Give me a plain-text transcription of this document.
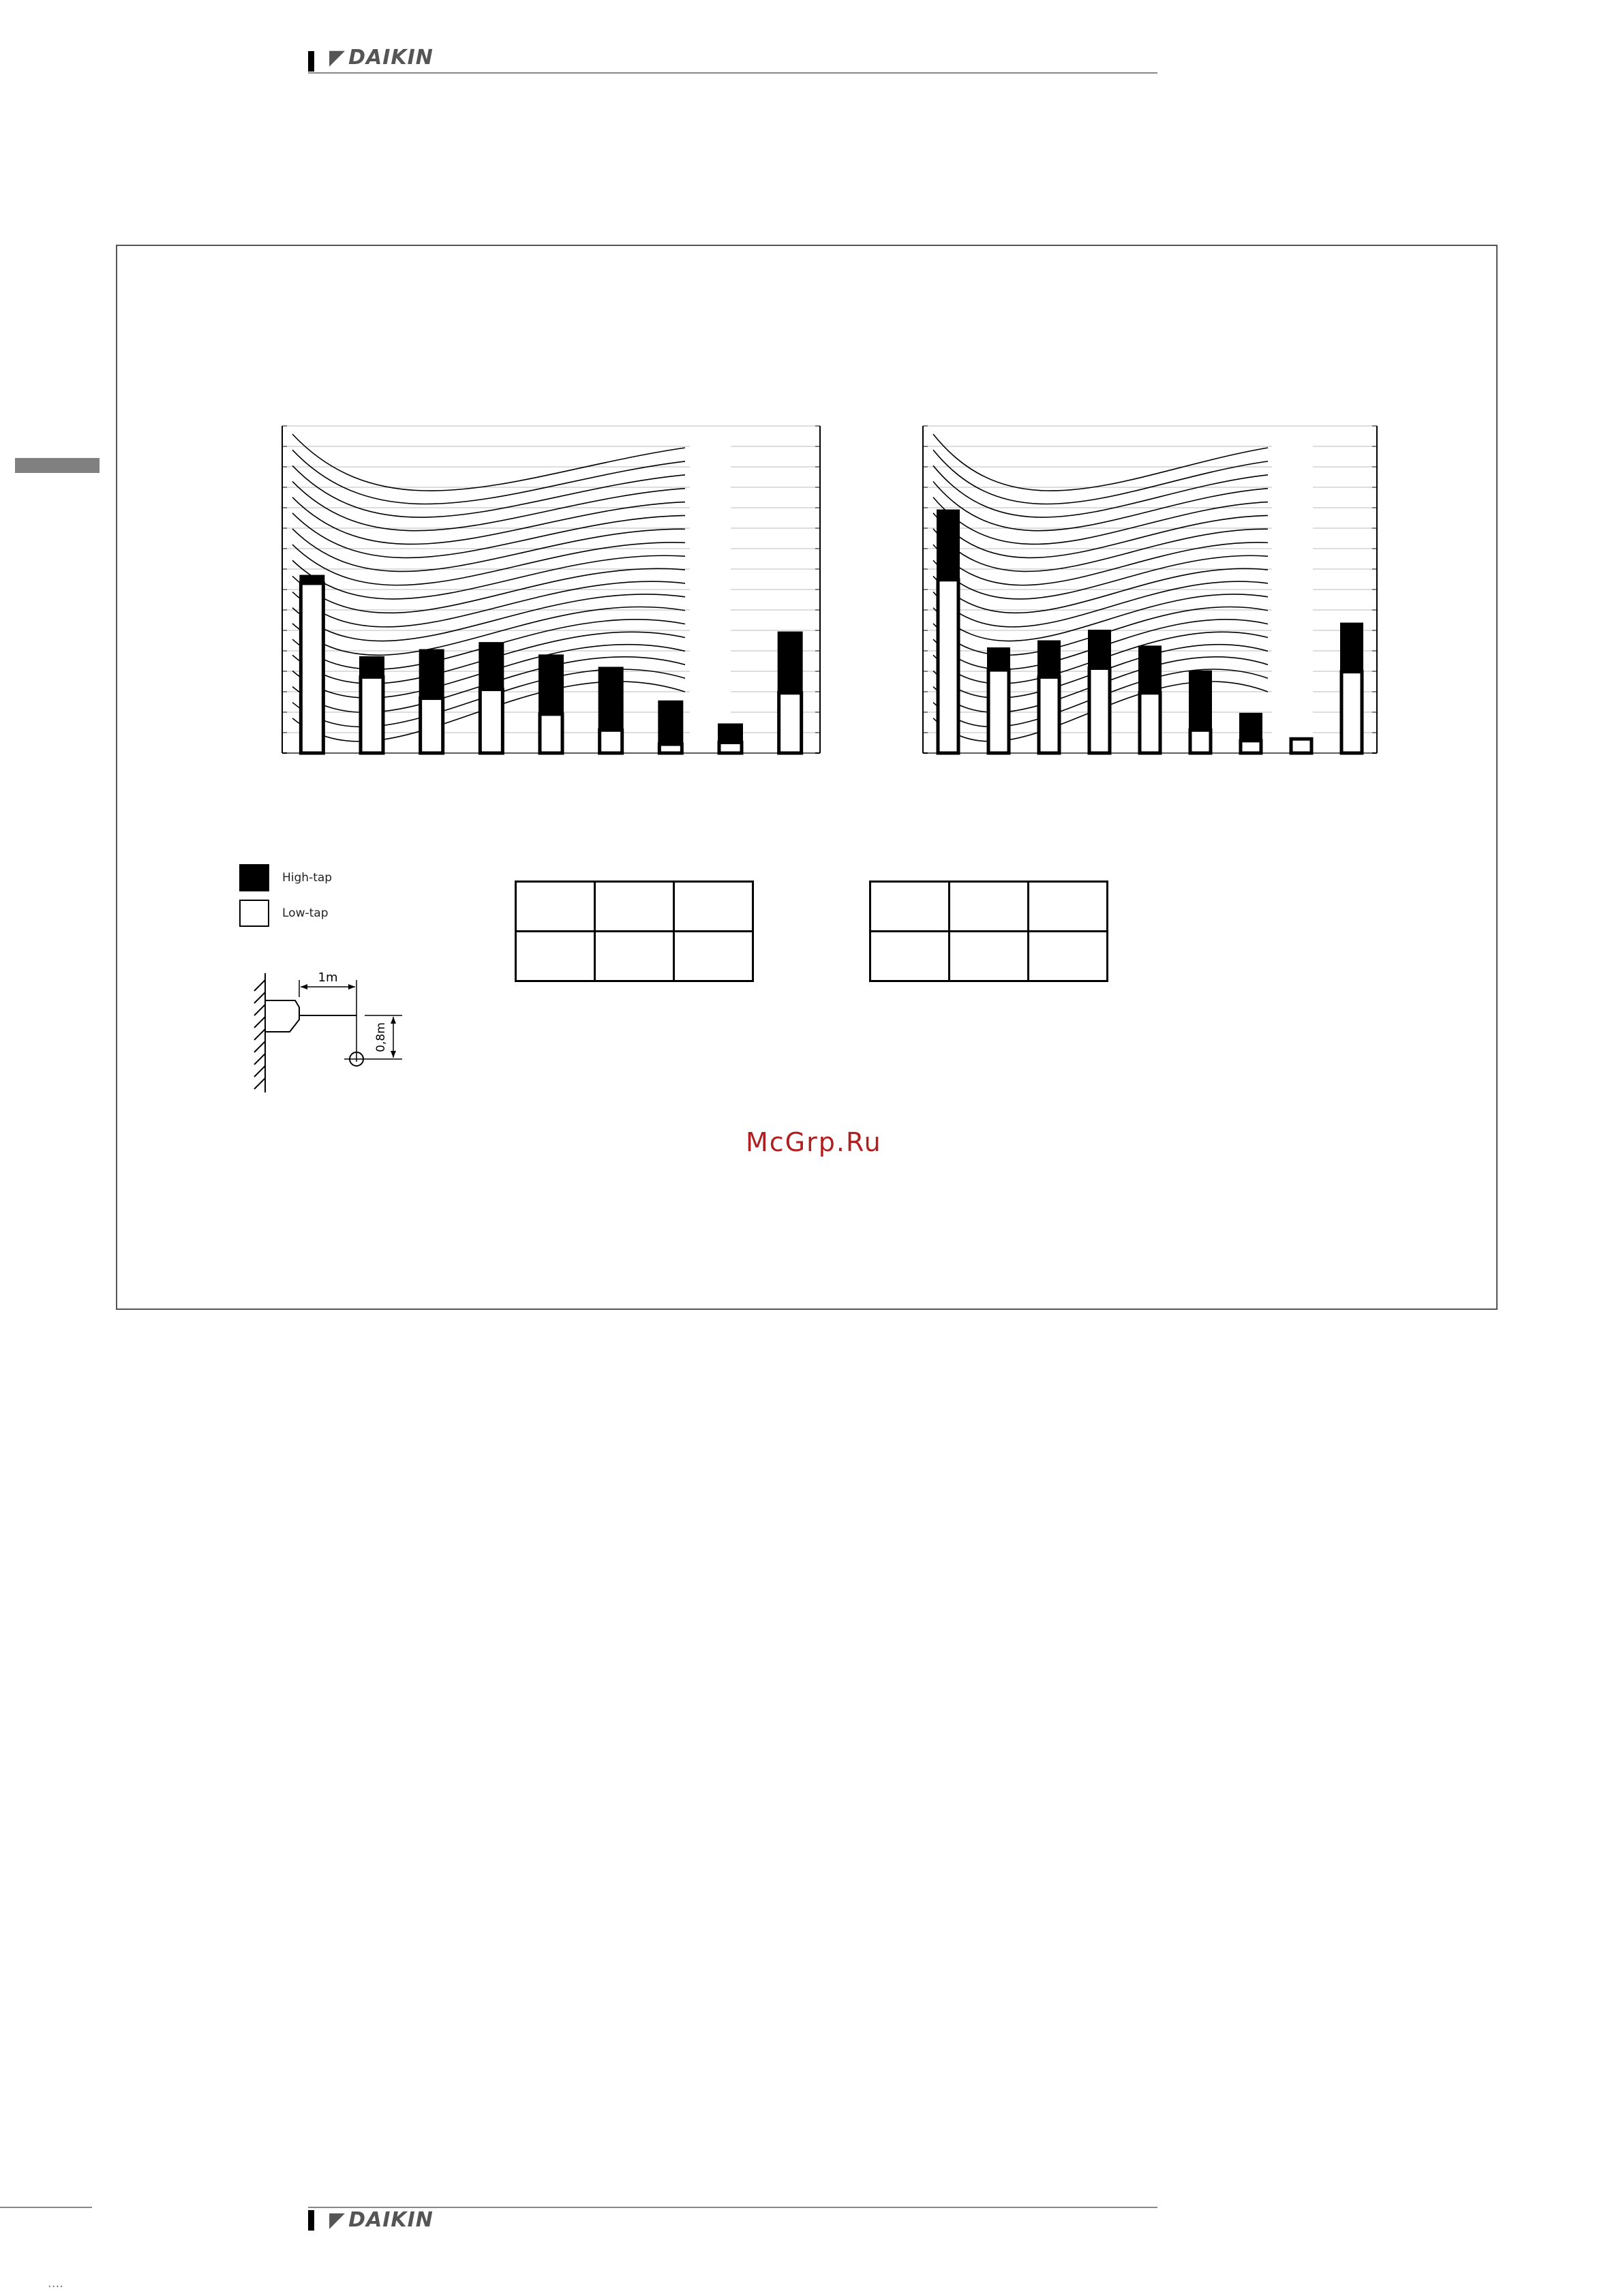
◤ DAIKIN
High-tap
Low-tap
1m
0,8m

McGrp.Ru
◤ DAIKIN
....
